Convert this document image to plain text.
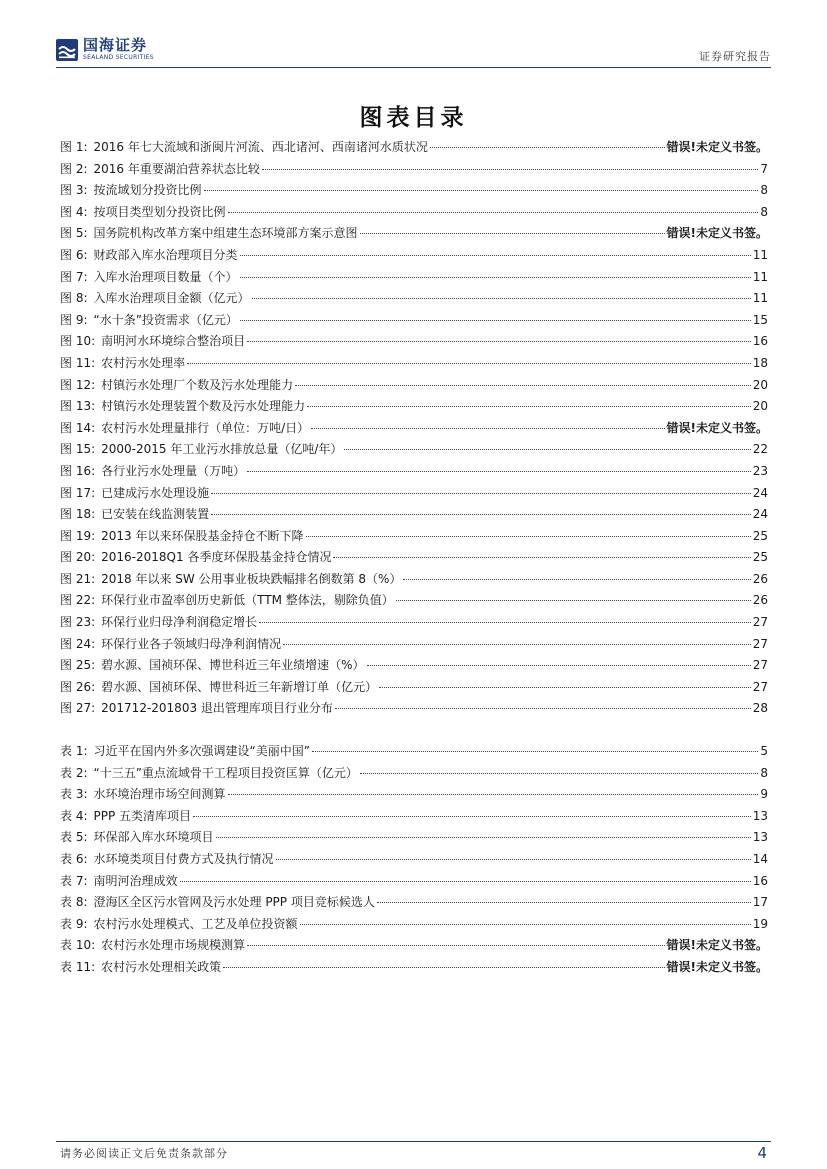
国海证券
SEALAND SECURITIES	证券研究报告
图表目录
图 1: 2016 年七大流域和浙闽片河流、西北诸河、西南诸河水质状况	错误!未定义书签。
图 2: 2016 年重要湖泊营养状态比较	7
图 3: 按流域划分投资比例	8
图 4: 按项目类型划分投资比例	8
图 5: 国务院机构改革方案中组建生态环境部方案示意图	错误!未定义书签。
图 6: 财政部入库水治理项目分类	11
图 7: 入库水治理项目数量（个）	11
图 8: 入库水治理项目金额（亿元）	11
图 9: “水十条”投资需求（亿元）	15
图 10: 南明河水环境综合整治项目	16
图 11: 农村污水处理率	18
图 12: 村镇污水处理厂个数及污水处理能力	20
图 13: 村镇污水处理装置个数及污水处理能力	20
图 14: 农村污水处理量排行（单位：万吨/日）	错误!未定义书签。
图 15: 2000-2015 年工业污水排放总量（亿吨/年）	22
图 16: 各行业污水处理量（万吨）	23
图 17: 已建成污水处理设施	24
图 18: 已安装在线监测装置	24
图 19: 2013 年以来环保股基金持仓不断下降	25
图 20: 2016-2018Q1 各季度环保股基金持仓情况	25
图 21: 2018 年以来 SW 公用事业板块跌幅排名倒数第 8（%）	26
图 22: 环保行业市盈率创历史新低（TTM 整体法，剔除负值）	26
图 23: 环保行业归母净利润稳定增长	27
图 24: 环保行业各子领域归母净利润情况	27
图 25: 碧水源、国祯环保、博世科近三年业绩增速（%）	27
图 26: 碧水源、国祯环保、博世科近三年新增订单（亿元）	27
图 27: 201712-201803 退出管理库项目行业分布	28
表 1: 习近平在国内外多次强调建设“美丽中国”	5
表 2: “十三五”重点流域骨干工程项目投资匡算（亿元）	8
表 3: 水环境治理市场空间测算	9
表 4: PPP 五类清库项目	13
表 5: 环保部入库水环境项目	13
表 6: 水环境类项目付费方式及执行情况	14
表 7: 南明河治理成效	16
表 8: 澄海区全区污水管网及污水处理 PPP 项目竞标候选人	17
表 9: 农村污水处理模式、工艺及单位投资额	19
表 10: 农村污水处理市场规模测算	错误!未定义书签。
表 11: 农村污水处理相关政策	错误!未定义书签。
请务必阅读正文后免责条款部分	4
